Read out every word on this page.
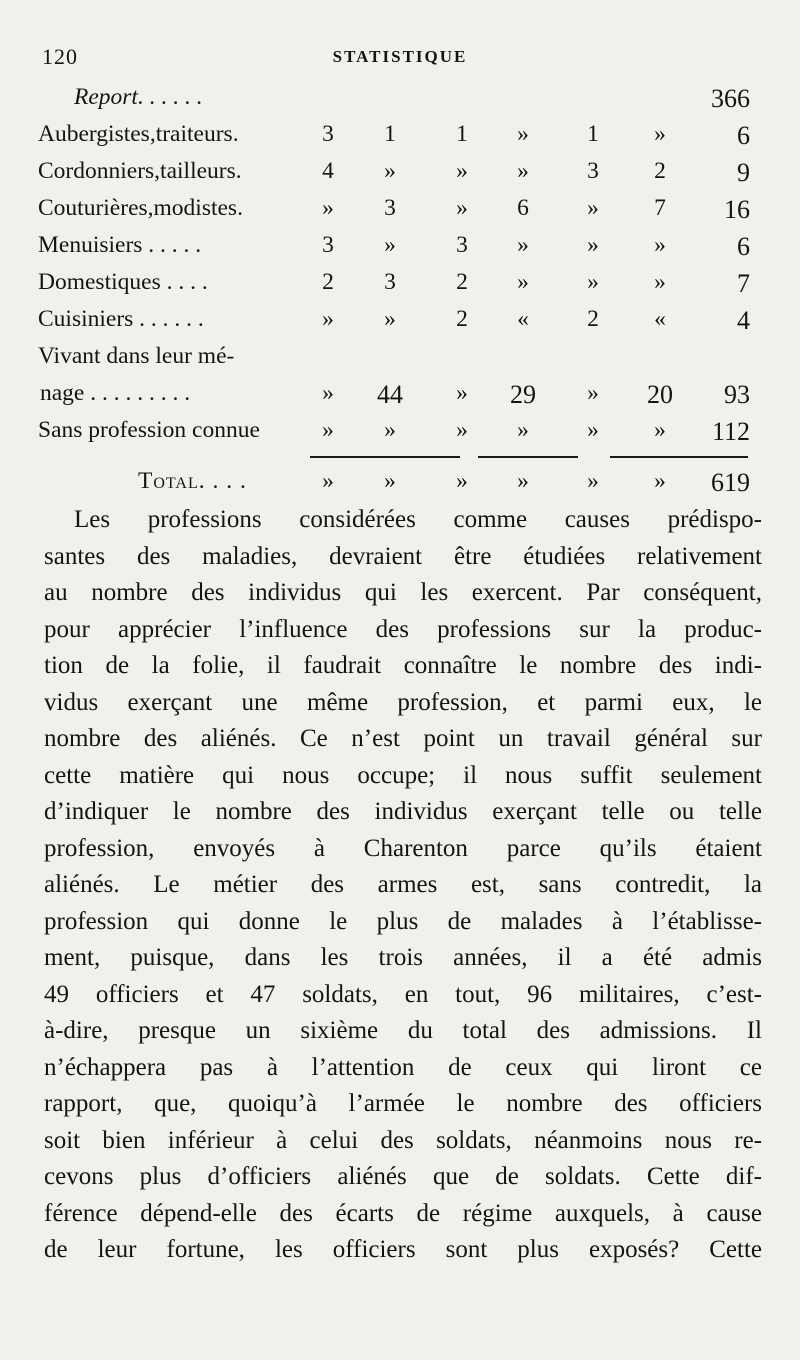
120	STATISTIQUE
Report. . . . . .	366
Aubergistes,traiteurs.	3	1	1	»	1	»	6
Cordonniers,tailleurs.	4	»	»	»	3	2	9
Couturières,modistes.	»	3	»	6	»	7	16
Menuisiers . . . . .	3	»	3	»	»	»	6
Domestiques . . . .	2	3	2	»	»	»	7
Cuisiniers . . . . . .	»	»	2	«	2	«	4
Vivant dans leur mé-
nage . . . . . . . . .	»	44	»	29	»	20	93
Sans profession connue	»	»	»	»	»	»	112
Total. . . .	»	»	»	»	»	»	619

Les professions considérées comme causes prédispo-
santes des maladies, devraient être étudiées relativement
au nombre des individus qui les exercent. Par conséquent,
pour apprécier l’influence des professions sur la produc-
tion de la folie, il faudrait connaître le nombre des indi-
vidus exerçant une même profession, et parmi eux, le
nombre des aliénés. Ce n’est point un travail général sur
cette matière qui nous occupe; il nous suffit seulement
d’indiquer le nombre des individus exerçant telle ou telle
profession, envoyés à Charenton parce qu’ils étaient
aliénés. Le métier des armes est, sans contredit, la
profession qui donne le plus de malades à l’établisse-
ment, puisque, dans les trois années, il a été admis
49 officiers et 47 soldats, en tout, 96 militaires, c’est-
à-dire, presque un sixième du total des admissions. Il
n’échappera pas à l’attention de ceux qui liront ce
rapport, que, quoiqu’à l’armée le nombre des officiers
soit bien inférieur à celui des soldats, néanmoins nous re-
cevons plus d’officiers aliénés que de soldats. Cette dif-
férence dépend-elle des écarts de régime auxquels, à cause
de leur fortune, les officiers sont plus exposés? Cette
